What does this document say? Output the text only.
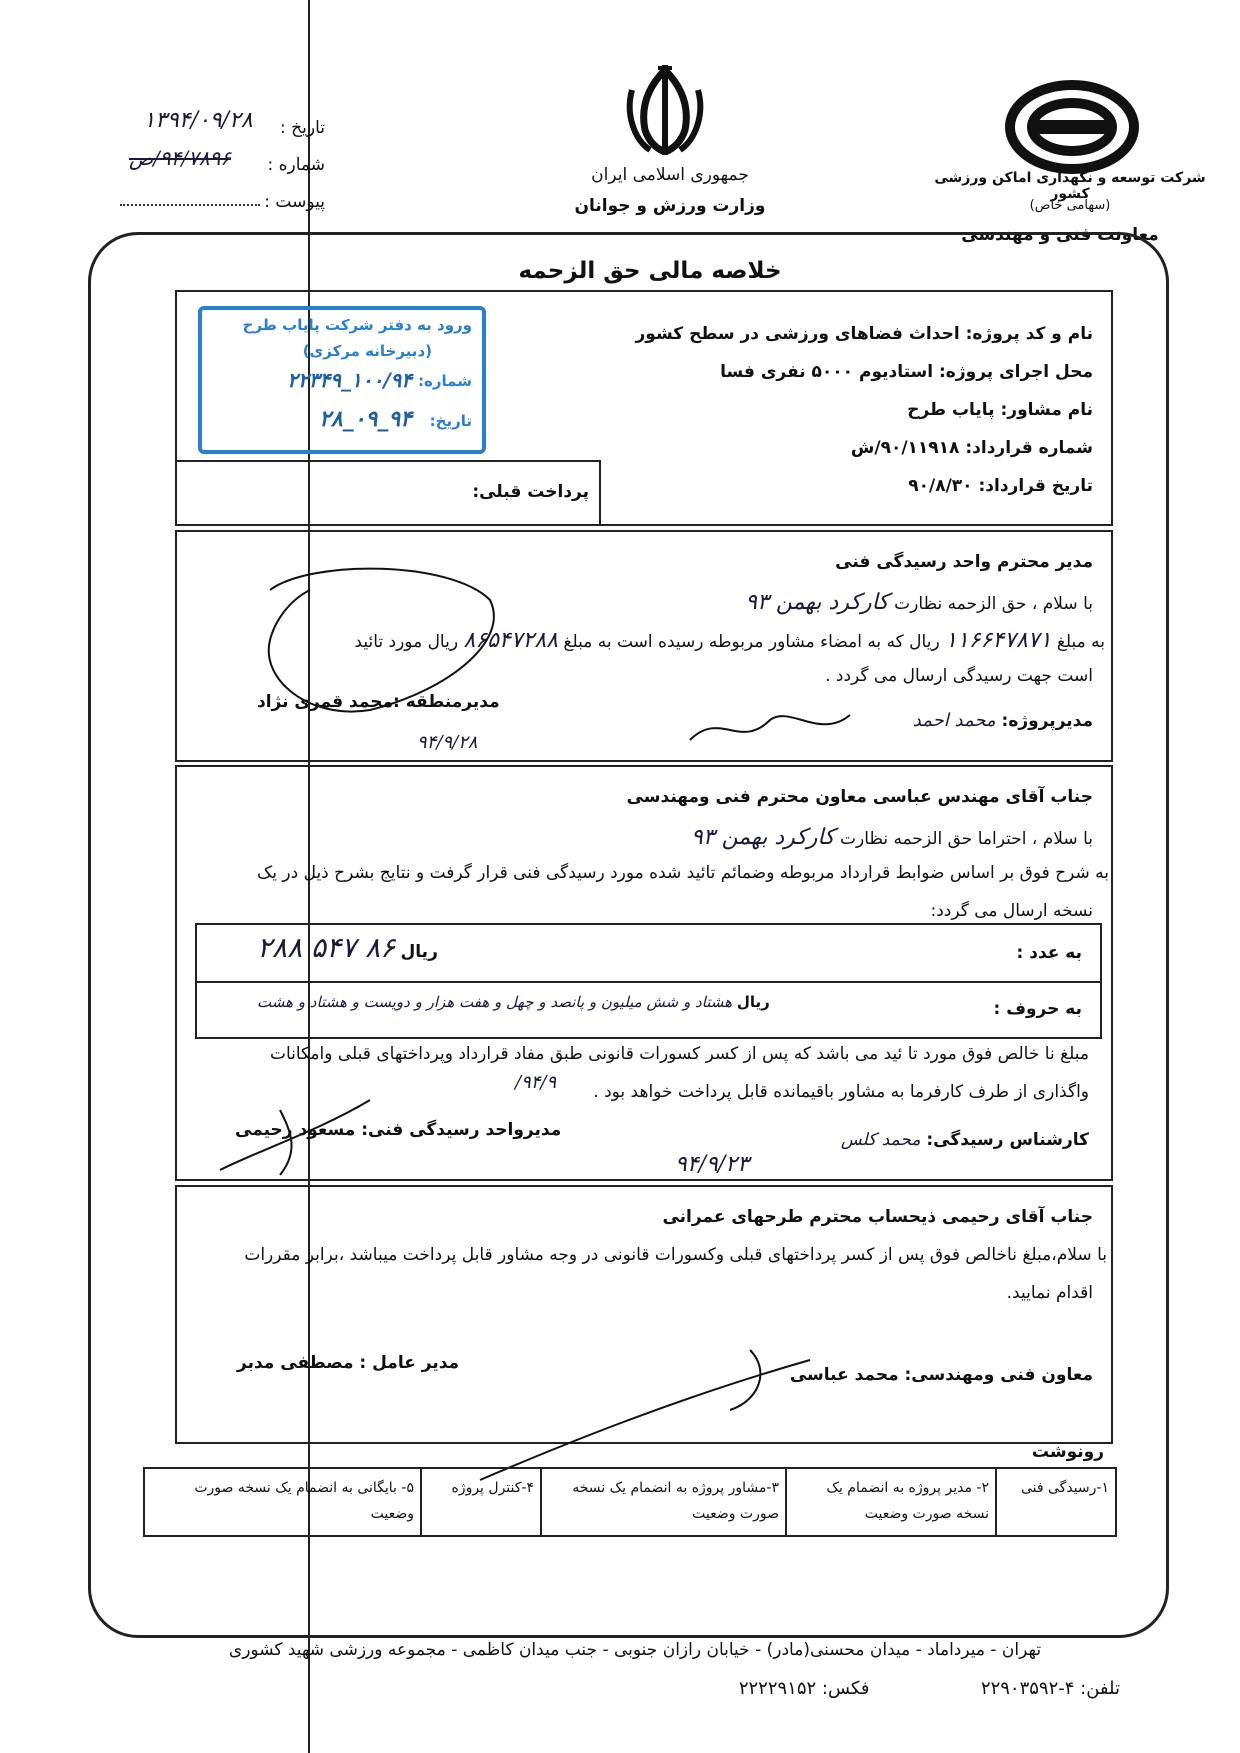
جمهوری اسلامی ایران
وزارت ورزش و جوانان
شرکت توسعه و نگهداری اماکن ورزشی کشور
(سهامی خاص)
معاونت فنی و مهندسی
تاریخ :
۱۳۹۴/۰۹/۲۸
شماره :
۹۴/۷۸۹۶/ص
پیوست :
خلاصه مالی حق الزحمه
نام و کد پروژه: احداث فضاهای ورزشی در سطح کشور
محل اجرای پروژه: استادیوم ۵۰۰۰ نفری فسا
نام مشاور: پایاب طرح
شماره قرارداد: ۹۰/۱۱۹۱۸/ش
تاریخ قرارداد: ۹۰/۸/۳۰
پرداخت قبلی:
ورود به دفتر شرکت پایاب طرح
(دبیرخانه مرکزی)
شماره:
۱۰۰/۹۴_۲۲۳۴۹
تاریخ:
۹۴_۰۹_۲۸
مدیر محترم واحد رسیدگی فنی
با سلام ، حق الزحمه نظارت کارکرد بهمن ۹۳
به مبلغ ۱۱۶۶۴۷۸۷۱ ریال که به امضاء مشاور مربوطه رسیده است به مبلغ ۸۶۵۴۷۲۸۸ ریال مورد تائید
است جهت رسیدگی ارسال می گردد .
مدیرپروژه: محمد احمد
مدیرمنطقه :محمد قمری نژاد
۹۴/۹/۲۸
جناب آقای مهندس عباسی معاون محترم فنی ومهندسی
با سلام ، احتراما حق الزحمه نظارت کارکرد بهمن ۹۳
به شرح فوق بر اساس ضوابط قرارداد مربوطه وضمائم تائید شده مورد رسیدگی فنی قرار گرفت و نتایج بشرح ذیل در یک
نسخه ارسال می گردد:
به عدد :
ریال ۸۶ ۵۴۷ ۲۸۸
به حروف :
ریال هشتاد و شش میلیون و پانصد و چهل و هفت هزار و دویست و هشتاد و هشت
مبلغ نا خالص فوق مورد تا ئید می باشد که پس از کسر کسورات قانونی طبق مفاد قرارداد وپرداختهای قبلی وامکانات
واگذاری از طرف کارفرما به مشاور باقیمانده قابل پرداخت خواهد بود .
۹۴/۹/
کارشناس رسیدگی: محمد کلس
مدیرواحد رسیدگی فنی: مسعود رحیمی
۹۴/۹/۲۳
جناب آقای رحیمی ذیحساب محترم طرحهای عمرانی
با سلام،مبلغ ناخالص فوق پس از کسر پرداختهای قبلی وکسورات قانونی در وجه مشاور قابل پرداخت میباشد ،برابر مقررات
اقدام نمایید.
معاون فنی ومهندسی: محمد عباسی
مدیر عامل : مصطفی مدبر
رونوشت
۱-رسیدگی فنی
۲- مدیر پروژه به انضمام یک نسخه صورت وضعیت
۳-مشاور پروژه به انضمام یک نسخه صورت وضعیت
۴-کنترل پروژه
۵- بایگانی به انضمام یک نسخه صورت وضعیت
تهران - میرداماد - میدان محسنی(مادر) - خیابان رازان جنوبی - جنب میدان کاظمی - مجموعه ورزشی شهید کشوری
تلفن: ۴-۲۲۹۰۳۵۹۲  فکس: ۲۲۲۲۹۱۵۲
